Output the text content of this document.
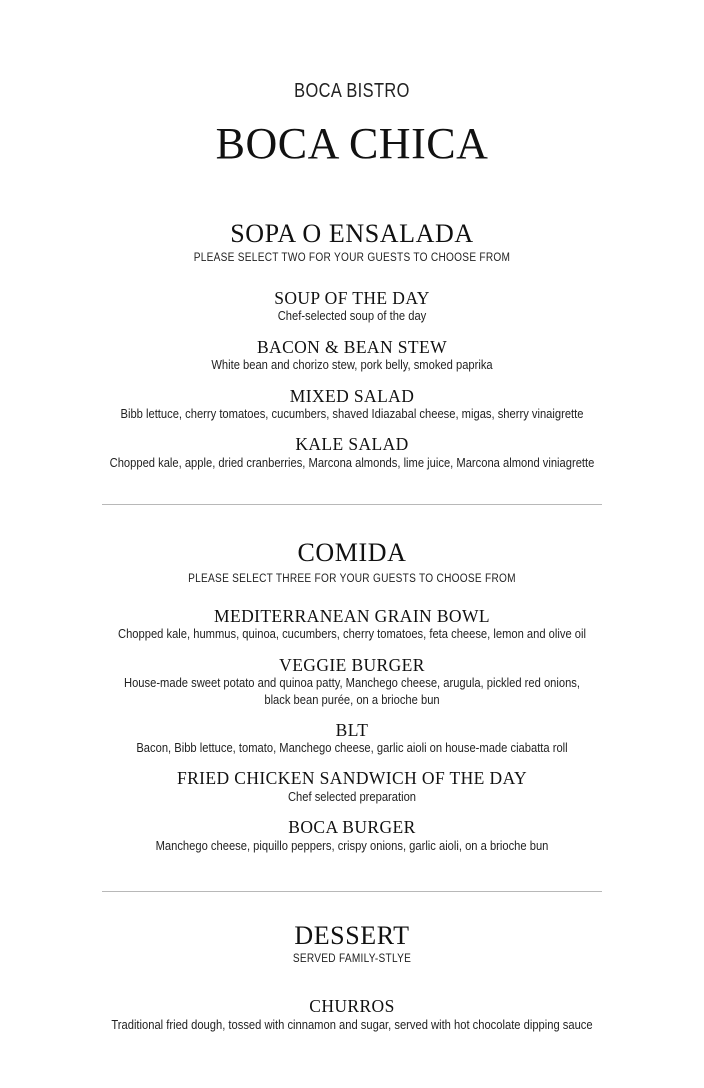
BOCA BISTRO
BOCA CHICA
SOPA O ENSALADA
PLEASE SELECT TWO FOR YOUR GUESTS TO CHOOSE FROM
SOUP OF THE DAY
Chef-selected soup of the day
BACON & BEAN STEW
White bean and chorizo stew, pork belly, smoked paprika
MIXED SALAD
Bibb lettuce, cherry tomatoes, cucumbers, shaved Idiazabal cheese, migas, sherry vinaigrette
KALE SALAD
Chopped kale, apple, dried cranberries, Marcona almonds, lime juice, Marcona almond viniagrette
COMIDA
PLEASE SELECT THREE FOR YOUR GUESTS TO CHOOSE FROM
MEDITERRANEAN GRAIN BOWL
Chopped kale, hummus, quinoa, cucumbers, cherry tomatoes, feta cheese, lemon and olive oil
VEGGIE BURGER
House-made sweet potato and quinoa patty, Manchego cheese, arugula, pickled red onions,
black bean purée, on a brioche bun
BLT
Bacon, Bibb lettuce, tomato, Manchego cheese, garlic aioli on house-made ciabatta roll
FRIED CHICKEN SANDWICH OF THE DAY
Chef selected preparation
BOCA BURGER
Manchego cheese, piquillo peppers, crispy onions, garlic aioli, on a brioche bun
DESSERT
SERVED FAMILY-STLYE
CHURROS
Traditional fried dough, tossed with cinnamon and sugar, served with hot chocolate dipping sauce
